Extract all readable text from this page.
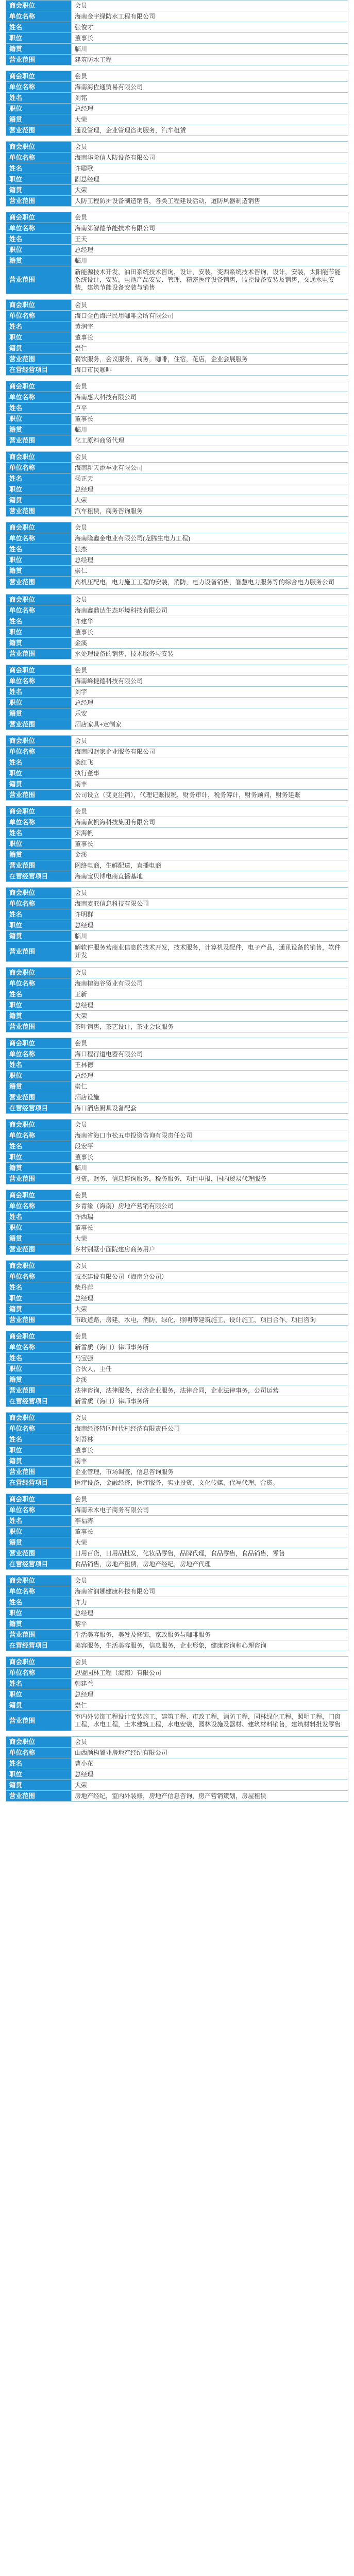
商会职位	会员
单位名称	海南金宇绿防水工程有限公司
姓名	张俊才
职位	董事长
籍贯	临川
营业范围	建筑防水工程
商会职位	会员
单位名称	海南海佐通贸易有限公司
姓名	刘铭
职位	总经理
籍贯	大荣
营业范围	通设管理，企业管理咨询服务，汽车租赁
商会职位	会员
单位名称	海南华阶信人防设备有限公司
姓名	许聪歌
职位	副总经理
籍贯	大荣
营业范围	人防工程防护设备制造销售，各类工程建设活动，道防风器制造销售
商会职位	会员
单位名称	海南第智德节能技术有限公司
姓名	王天
职位	总经理
籍贯	临川
营业范围	新能源技术开发，油田系统技术咨询，设计，安装，变西系统技术咨询，设计，安装，太阳能节能系统设计，安装，电池产品安装、管理，精密医疗设备销售，监控设备安装及销售，交通水电安装，建筑节能设备安装与销售
商会职位	会员
单位名称	海口金色海岸民用咖啡会所有限公司
姓名	黄润宇
职位	董事长
籍贯	崇仁
营业范围	餐饮服务，会议服务，商务，咖啡，住宿，花店，企业会展服务
在营经营项目	海口市民咖啡
商会职位	会员
单位名称	海南惠大科技有限公司
姓名	卢平
职位	董事长
籍贯	临川
营业范围	化工原料商贸代理
商会职位	会员
单位名称	海南新天添车业有限公司
姓名	杨正天
职位	总经理
籍贯	大荣
营业范围	汽车租赁，商务咨询服务
商会职位	会员
单位名称	海南隆鑫金电业有限公司(龙腾生电力工程)
姓名	张杰
职位	总经理
籍贯	崇仁
营业范围	高机压配电，电力施工工程的安装，消防，电力设备销售，智慧电力服务等的综合电力服务公司
商会职位	会员
单位名称	海南鑫鼎达生态环境科技有限公司
姓名	许建华
职位	董事长
籍贯	金溪
营业范围	水处理设备的销售，技术服务与安装
商会职位	会员
单位名称	海南峰捷德科技有限公司
姓名	刘宇
职位	总经理
籍贯	乐安
营业范围	酒店家具+定制家
商会职位	会员
单位名称	海南阔财家企业服务有限公司
姓名	桑红飞
职位	执行董事
籍贯	南丰
营业范围	公司设立（变更注销），代理记账报税，财务审计，税务筹计，财务顾问，财务建账
商会职位	会员
单位名称	海南黄帆海科技集团有限公司
姓名	宋海帆
职位	董事长
籍贯	金溪
营业范围	网络电商，生鲜配送，直播电商
在营经营项目	海南宝贝博电商直播基地
商会职位	会员
单位名称	海南麦亚信息科技有限公司
姓名	许明群
职位	总经理
籍贯	临川
营业范围	解软件服务营商业信息的技术开发，技术服务，计算机及配件，电子产品，通讯设备的销售，软件开发
商会职位	会员
单位名称	海南榕海谷贸业有限公司
姓名	王新
职位	总经理
籍贯	大荣
营业范围	茶叶销售，茶艺设计，茶业会议服务
商会职位	会员
单位名称	海口程行道电器有限公司
姓名	王林德
职位	总经理
籍贯	崇仁
营业范围	酒店设施
在营经营项目	海口酒店厨具设备配套
商会职位	会员
单位名称	海南省海口市松五申投资咨询有限责任公司
姓名	段宏平
职位	董事长
籍贯	临川
营业范围	投资，财务，信息咨询服务，税务服务，项目申报，国内贸易代理服务
商会职位	会员
单位名称	乡青缘（海南）房地产营销有限公司
姓名	许西瑞
职位	董事长
籍贯	大荣
营业范围	乡村别墅小面院建房商务用户
商会职位	会员
单位名称	诚杰建设有限公司（海南分公司）
姓名	柴丹萍
职位	总经理
籍贯	大荣
营业范围	市政道路，房建，水电，消防，绿化，照明等建筑施工，设计施工，项目合作，项目咨询
商会职位	会员
单位名称	新雪质（海口）律师事务所
姓名	马宝强
职位	合伙人，主任
籍贯	金溪
营业范围	法律咨询，法律服务，经济企业服务，法律合同，企业法律事务，公司运营
在营经营项目	新雪质（海口）律师事务所
商会职位	会员
单位名称	海南经济特区时代村经济有限责任公司
姓名	刘吾林
职位	董事长
籍贯	南丰
营业范围	企业管理，市场调查，信息咨询服务
在营经营项目	医疗设备，金融经济，医疗服务，实业投资，文化传媒，代写代理，合资。
商会职位	会员
单位名称	海南禾木电子商务有限公司
姓名	李福涛
职位	董事长
籍贯	大荣
营业范围	日用百货，日用品批发，化妆品零售，品牌代理，食品零售，食品销售，零售
在营经营项目	食品销售，房地产租赁，房地产经纪，房地产代理
商会职位	会员
单位名称	海南省润娜健康科技有限公司
姓名	许力
职位	总经理
籍贯	黎平
营业范围	生活美容服务，美发及修饰，家政服务与咖啡服务
在营经营项目	美容服务，生活美容服务，信息服务，企业形象，健康咨询和心理咨询
商会职位	会员
单位名称	恩盟园林工程（海南）有限公司
姓名	韩建兰
职位	总经理
籍贯	崇仁
营业范围	室内外装饰工程设计安装施工，建筑工程、市政工程，消防工程，园林绿化工程，照明工程，门窗工程，水电工程，土木建筑工程，水电安装，园林设施及器材、建筑材料销售，建筑材料批发零售
商会职位	会员
单位名称	山西颜构置业房地产经纪有限公司
姓名	曹小花
职位	总经理
籍贯	大荣
营业范围	房地产经纪，室内外装修，房地产信息咨询，房产营销策划，房屋租赁
